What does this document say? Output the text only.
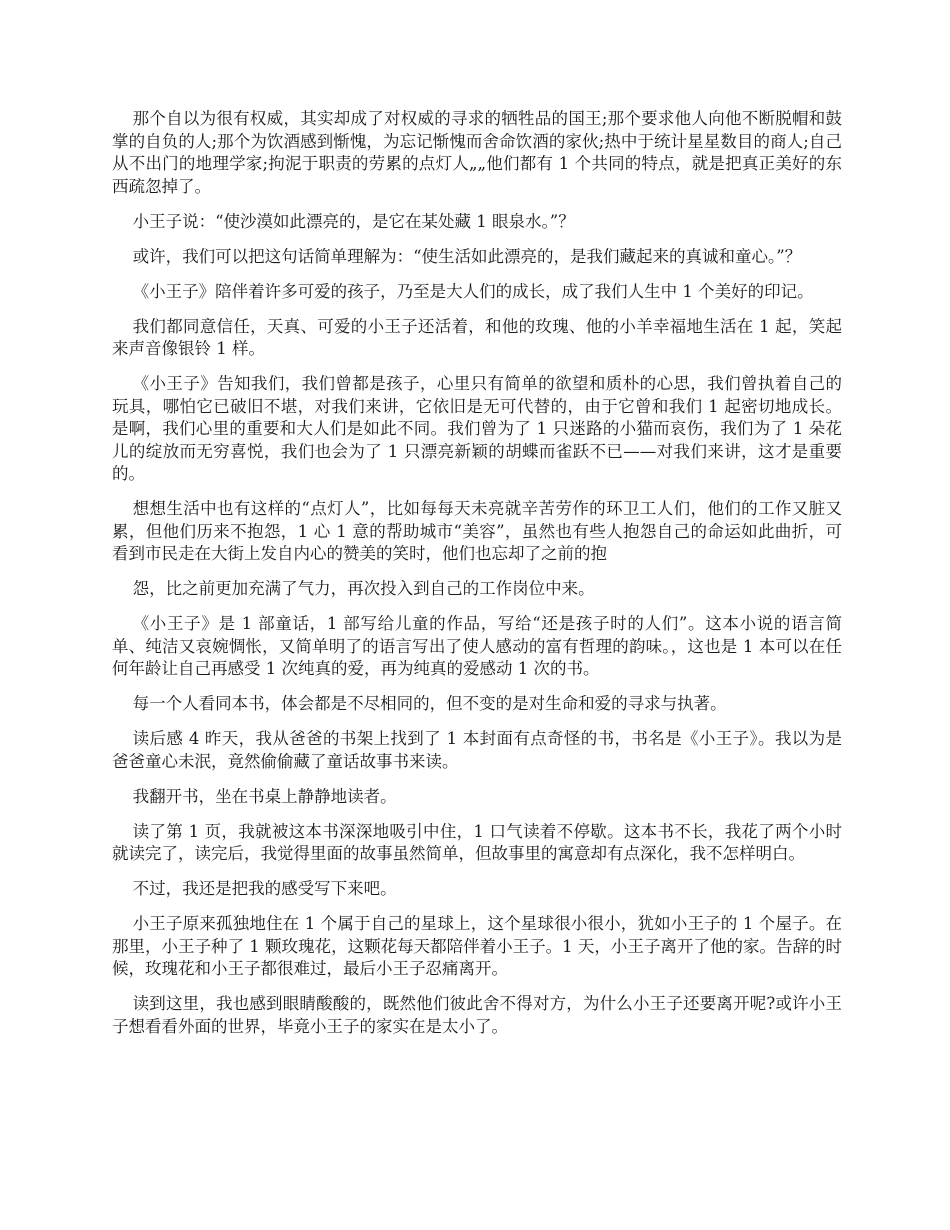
那个自以为很有权威，其实却成了对权威的寻求的牺牲品的国王;那个要求他人向他不断脱帽和鼓掌的自负的人;那个为饮酒感到惭愧，为忘记惭愧而舍命饮酒的家伙;热中于统计星星数目的商人;自己从不出门的地理学家;拘泥于职责的劳累的点灯人„„他们都有 1 个共同的特点，就是把真正美好的东西疏忽掉了。

小王子说：“使沙漠如此漂亮的，是它在某处藏 1 眼泉水。”？

或许，我们可以把这句话简单理解为：“使生活如此漂亮的，是我们藏起来的真诚和童心。”？

《小王子》陪伴着许多可爱的孩子，乃至是大人们的成长，成了我们人生中 1 个美好的印记。

我们都同意信任，天真、可爱的小王子还活着，和他的玫瑰、他的小羊幸福地生活在 1 起，笑起来声音像银铃 1 样。

《小王子》告知我们，我们曾都是孩子，心里只有简单的欲望和质朴的心思，我们曾执着自己的玩具，哪怕它已破旧不堪，对我们来讲，它依旧是无可代替的，由于它曾和我们 1 起密切地成长。是啊，我们心里的重要和大人们是如此不同。我们曾为了 1 只迷路的小猫而哀伤，我们为了 1 朵花儿的绽放而无穷喜悦，我们也会为了 1 只漂亮新颖的胡蝶而雀跃不已——对我们来讲，这才是重要的。

想想生活中也有这样的“点灯人”，比如每每天未亮就辛苦劳作的环卫工人们，他们的工作又脏又累，但他们历来不抱怨，1 心 1 意的帮助城市“美容”，虽然也有些人抱怨自己的命运如此曲折，可看到市民走在大街上发自内心的赞美的笑时，他们也忘却了之前的抱

怨，比之前更加充满了气力，再次投入到自己的工作岗位中来。

《小王子》是 1 部童话，1 部写给儿童的作品，写给“还是孩子时的人们”。这本小说的语言简单、纯洁又哀婉惆怅，又简单明了的语言写出了使人感动的富有哲理的韵味。，这也是 1 本可以在任何年龄让自己再感受 1 次纯真的爱，再为纯真的爱感动 1 次的书。

每一个人看同本书，体会都是不尽相同的，但不变的是对生命和爱的寻求与执著。

读后感 4 昨天，我从爸爸的书架上找到了 1 本封面有点奇怪的书，书名是《小王子》。我以为是爸爸童心未泯，竟然偷偷藏了童话故事书来读。

我翻开书，坐在书桌上静静地读者。

读了第 1 页，我就被这本书深深地吸引中住，1 口气读着不停歇。这本书不长，我花了两个小时就读完了，读完后，我觉得里面的故事虽然简单，但故事里的寓意却有点深化，我不怎样明白。

不过，我还是把我的感受写下来吧。

小王子原来孤独地住在 1 个属于自己的星球上，这个星球很小很小，犹如小王子的 1 个屋子。在那里，小王子种了 1 颗玫瑰花，这颗花每天都陪伴着小王子。1 天，小王子离开了他的家。告辞的时候，玫瑰花和小王子都很难过，最后小王子忍痛离开。

读到这里，我也感到眼睛酸酸的，既然他们彼此舍不得对方，为什么小王子还要离开呢?或许小王子想看看外面的世界，毕竟小王子的家实在是太小了。
